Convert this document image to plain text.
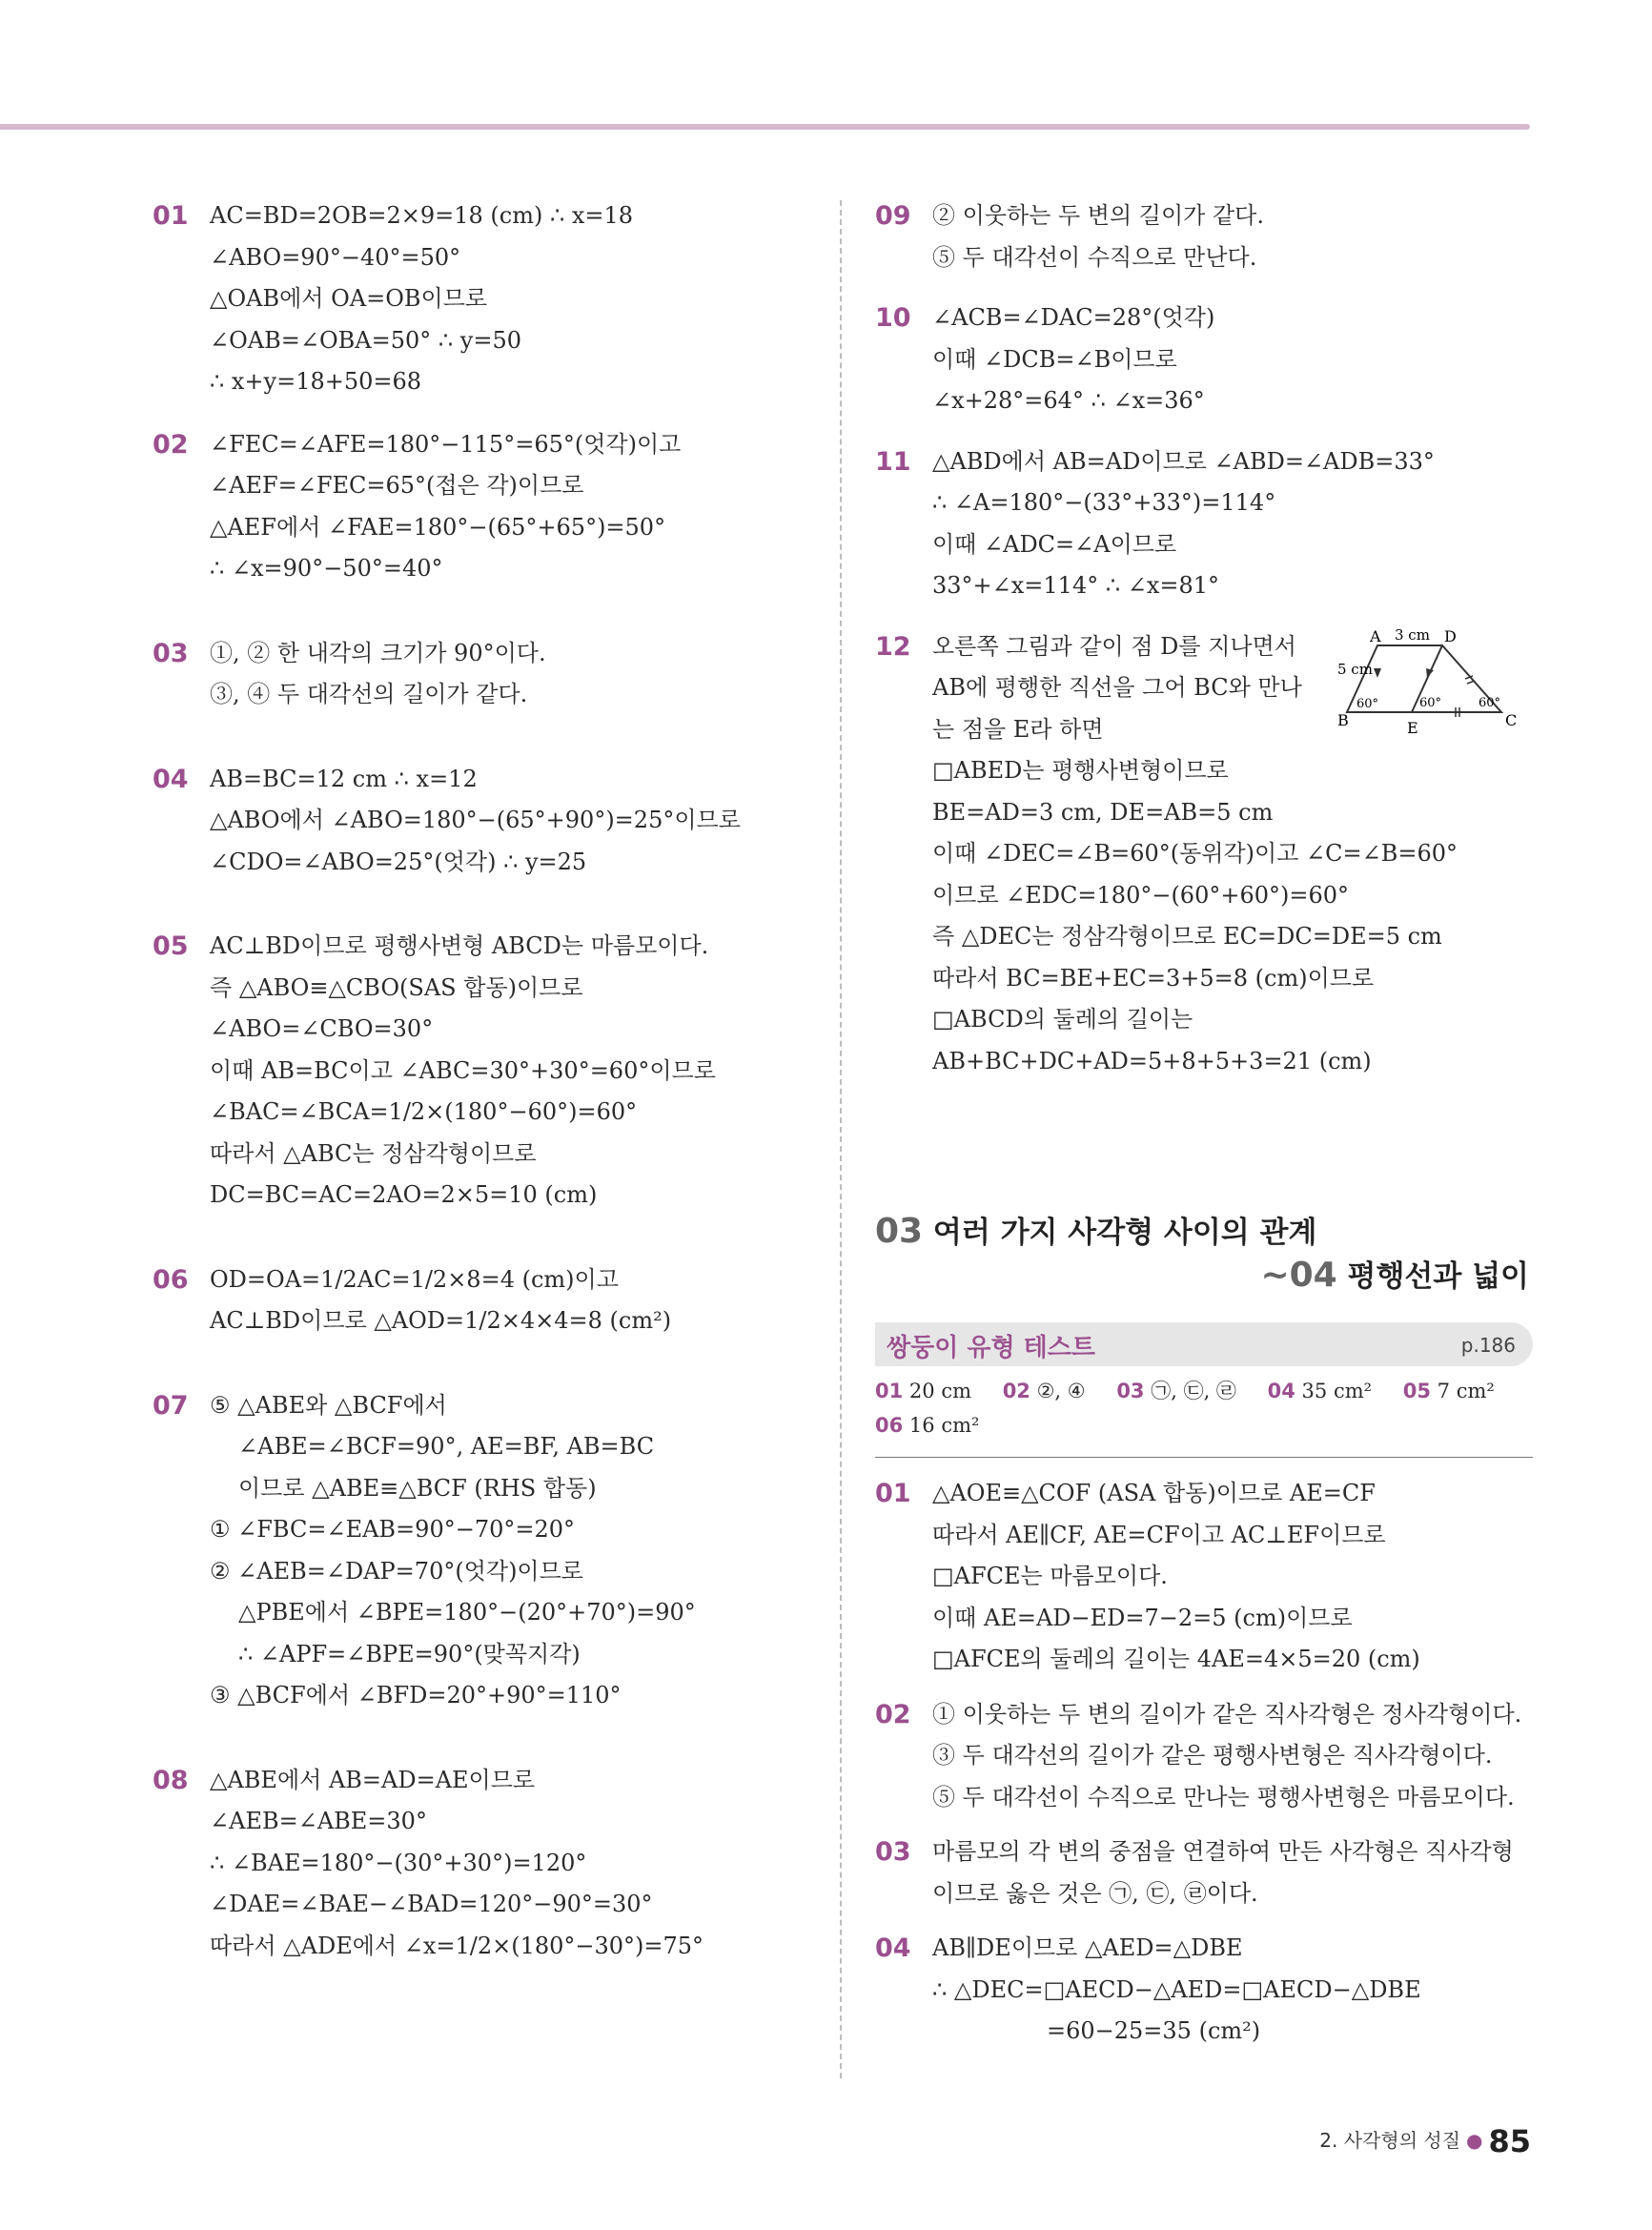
01 AC=BD=2OB=2×9=18 (cm) ∴ x=18
∠ABO=90°−40°=50°
△OAB에서 OA=OB이므로
∠OAB=∠OBA=50° ∴ y=50
∴ x+y=18+50=68
02 ∠FEC=∠AFE=180°−115°=65°(엇각)이고
∠AEF=∠FEC=65°(접은 각)이므로
△AEF에서 ∠FAE=180°−(65°+65°)=50°
∴ ∠x=90°−50°=40°
03 ①, ② 한 내각의 크기가 90°이다.
③, ④ 두 대각선의 길이가 같다.
04 AB=BC=12 cm ∴ x=12
△ABO에서 ∠ABO=180°−(65°+90°)=25°이므로
∠CDO=∠ABO=25°(엇각) ∴ y=25
05 AC⊥BD이므로 평행사변형 ABCD는 마름모이다.
즉 △ABO≡△CBO(SAS 합동)이므로
∠ABO=∠CBO=30°
이때 AB=BC이고 ∠ABC=30°+30°=60°이므로
∠BAC=∠BCA=1/2×(180°−60°)=60°
따라서 △ABC는 정삼각형이므로
DC=BC=AC=2AO=2×5=10 (cm)
06 OD=OA=1/2AC=1/2×8=4 (cm)이고
AC⊥BD이므로 △AOD=1/2×4×4=8 (cm²)
07 ⑤ △ABE와 △BCF에서
∠ABE=∠BCF=90°, AE=BF, AB=BC
이므로 △ABE≡△BCF (RHS 합동)
① ∠FBC=∠EAB=90°−70°=20°
② ∠AEB=∠DAP=70°(엇각)이므로
△PBE에서 ∠BPE=180°−(20°+70°)=90°
∴ ∠APF=∠BPE=90°(맞꼭지각)
③ △BCF에서 ∠BFD=20°+90°=110°
08 △ABE에서 AB=AD=AE이므로
∠AEB=∠ABE=30°
∴ ∠BAE=180°−(30°+30°)=120°
∠DAE=∠BAE−∠BAD=120°−90°=30°
따라서 △ADE에서 ∠x=1/2×(180°−30°)=75°
09 ② 이웃하는 두 변의 길이가 같다.
⑤ 두 대각선이 수직으로 만난다.
10 ∠ACB=∠DAC=28°(엇각)
이때 ∠DCB=∠B이므로
∠x+28°=64° ∴ ∠x=36°
11 △ABD에서 AB=AD이므로 ∠ABD=∠ADB=33°
∴ ∠A=180°−(33°+33°)=114°
이때 ∠ADC=∠A이므로
33°+∠x=114° ∴ ∠x=81°
12	A	D
B	C
E
3 cm
5 cm
60°	60°	60°
오른쪽 그림과 같이 점 D를 지나면서
AB에 평행한 직선을 그어 BC와 만나
는 점을 E라 하면
□ABED는 평행사변형이므로
BE=AD=3 cm, DE=AB=5 cm
이때 ∠DEC=∠B=60°(동위각)이고 ∠C=∠B=60°
이므로 ∠EDC=180°−(60°+60°)=60°
즉 △DEC는 정삼각형이므로 EC=DC=DE=5 cm
따라서 BC=BE+EC=3+5=8 (cm)이므로
□ABCD의 둘레의 길이는
AB+BC+DC+AD=5+8+5+3=21 (cm)
03 여러 가지 사각형 사이의 관계
~04 평행선과 넓이
쌍둥이 유형 테스트	p.186
01 20 cm 02 ②, ④ 03 ㉠, ㉢, ㉣ 04 35 cm² 05 7 cm²
06 16 cm²
01 △AOE≡△COF (ASA 합동)이므로 AE=CF
따라서 AE∥CF, AE=CF이고 AC⊥EF이므로
□AFCE는 마름모이다.
이때 AE=AD−ED=7−2=5 (cm)이므로
□AFCE의 둘레의 길이는 4AE=4×5=20 (cm)
02 ① 이웃하는 두 변의 길이가 같은 직사각형은 정사각형이다.
③ 두 대각선의 길이가 같은 평행사변형은 직사각형이다.
⑤ 두 대각선이 수직으로 만나는 평행사변형은 마름모이다.
03 마름모의 각 변의 중점을 연결하여 만든 사각형은 직사각형
이므로 옳은 것은 ㉠, ㉢, ㉣이다.
04 AB∥DE이므로 △AED=△DBE
∴ △DEC=□AECD−△AED=□AECD−△DBE
=60−25=35 (cm²)
2. 사각형의 성질 ● 85
